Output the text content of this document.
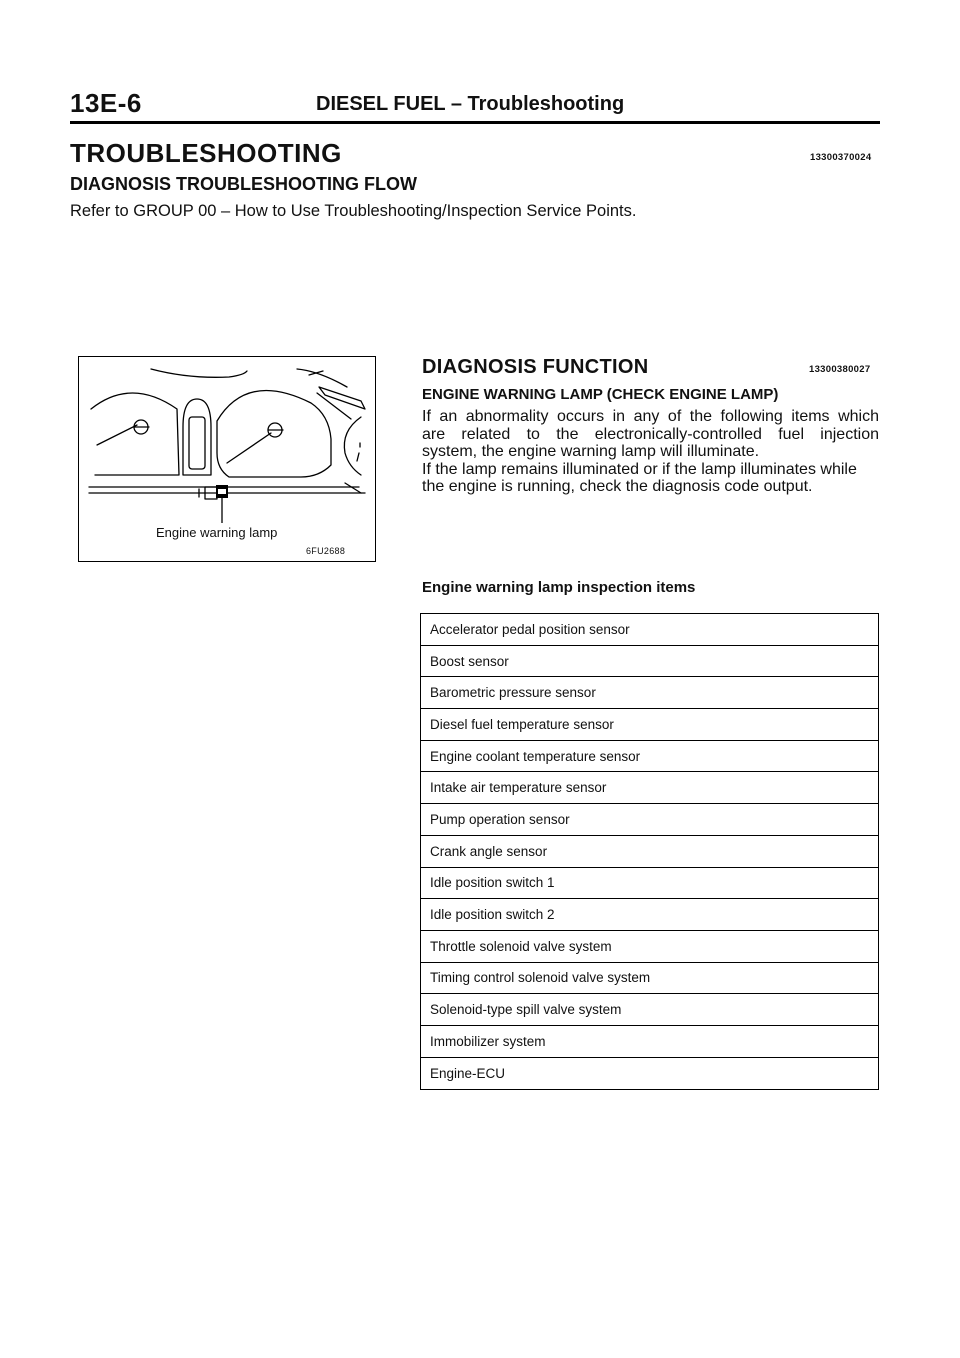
13E-6	DIESEL FUEL – Troubleshooting
TROUBLESHOOTING	13300370024
DIAGNOSIS TROUBLESHOOTING FLOW
Refer to GROUP 00 – How to Use Troubleshooting/Inspection Service Points.
Engine warning lamp
6FU2688
DIAGNOSIS FUNCTION	13300380027
ENGINE WARNING LAMP (CHECK ENGINE LAMP)

If an abnormality occurs in any of the following items which

are related to the electronically-controlled fuel injection

system, the engine warning lamp will illuminate.

If the lamp remains illuminated or if the lamp illuminates while

the engine is running, check the diagnosis code output.

Engine warning lamp inspection items
Accelerator pedal position sensor
Boost sensor
Barometric pressure sensor
Diesel fuel temperature sensor
Engine coolant temperature sensor
Intake air temperature sensor
Pump operation sensor
Crank angle sensor
Idle position switch 1
Idle position switch 2
Throttle solenoid valve system
Timing control solenoid valve system
Solenoid-type spill valve system
Immobilizer system
Engine-ECU
